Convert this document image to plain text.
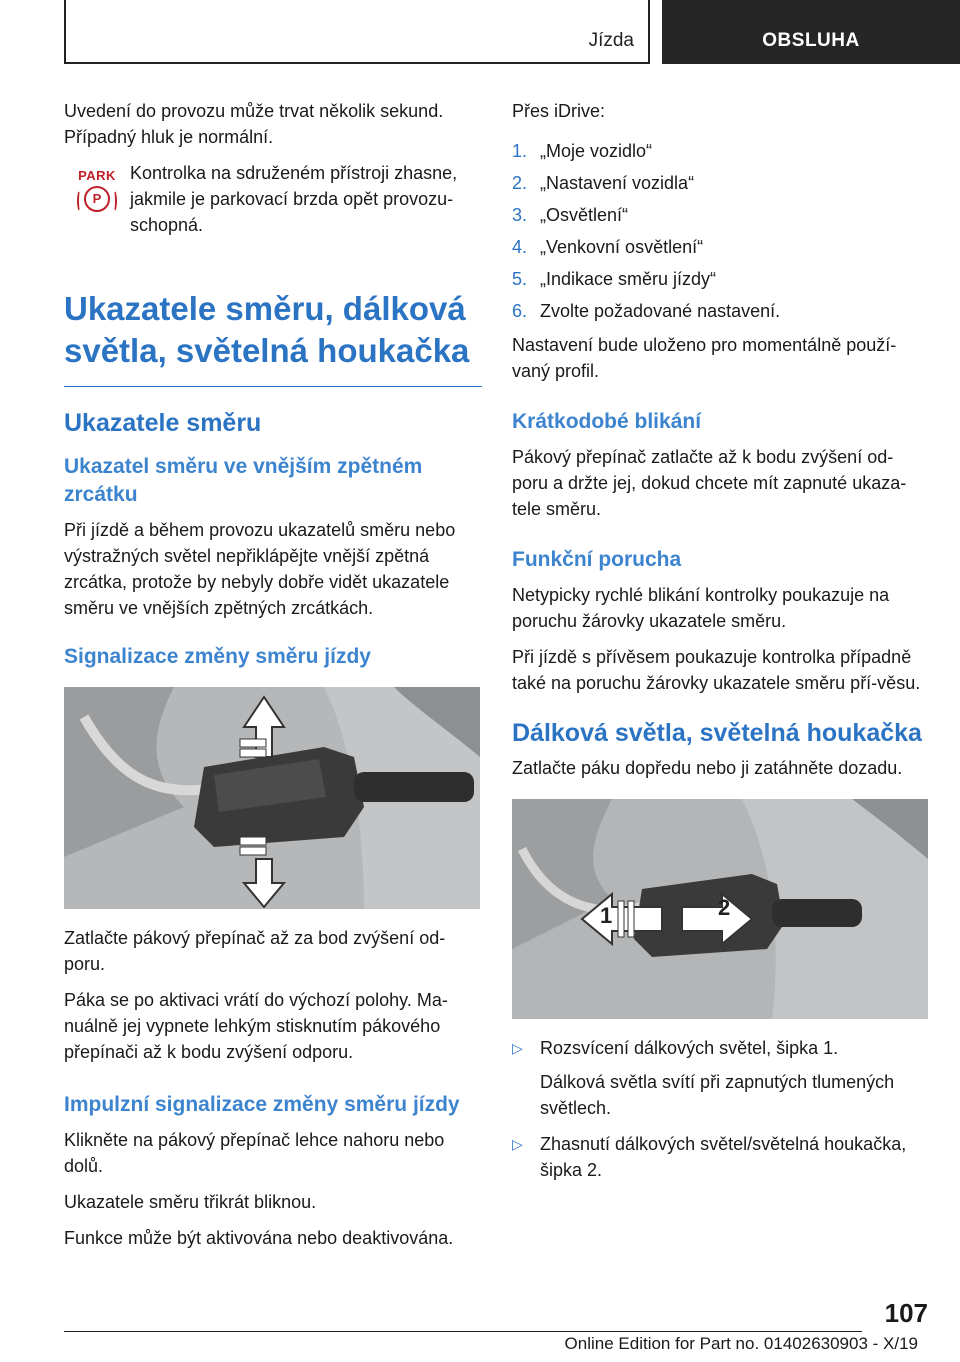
Jízda	OBSLUHA

Uvedení do provozu může trvat několik sekund. Případný hluk je normální.

PARK
P

Kontrolka na sdruženém přístroji zhasne, jakmile je parkovací brzda opět provozu‐schopná.

Ukazatele směru, dálková světla, světelná houkačka
Ukazatele směru
Ukazatel směru ve vnějším zpětném zrcátku

Při jízdě a během provozu ukazatelů směru nebo výstražných světel nepřiklápějte vnější zpětná zrcátka, protože by nebyly dobře vidět ukazatele směru ve vnějších zpětných zrcátkách.

Signalizace změny směru jízdy

Zatlačte pákový přepínač až za bod zvýšení od‐poru.

Páka se po aktivaci vrátí do výchozí polohy. Ma‐nuálně jej vypnete lehkým stisknutím pákového přepínači až k bodu zvýšení odporu.

Impulzní signalizace změny směru jízdy

Klikněte na pákový přepínač lehce nahoru nebo dolů.

Ukazatele směru třikrát bliknou.

Funkce může být aktivována nebo deaktivována.

Přes iDrive:

1. „Moje vozidlo“
2. „Nastavení vozidla“
3. „Osvětlení“
4. „Venkovní osvětlení“
5. „Indikace směru jízdy“
6. Zvolte požadované nastavení.

Nastavení bude uloženo pro momentálně použí‐vaný profil.

Krátkodobé blikání

Pákový přepínač zatlačte až k bodu zvýšení od‐poru a držte jej, dokud chcete mít zapnuté ukaza‐tele směru.

Funkční porucha

Netypicky rychlé blikání kontrolky poukazuje na poruchu žárovky ukazatele směru.

Při jízdě s přívěsem poukazuje kontrolka případně také na poruchu žárovky ukazatele směru pří‐věsu.

Dálková světla, světelná houkačka

Zatlačte páku dopředu nebo ji zatáhněte dozadu.

1	2
▷ Rozsvícení dálkových světel, šipka 1.
Dálková světla svítí při zapnutých tlumených světlech.
▷ Zhasnutí dálkových světel/světelná houkačka, šipka 2.
107
Online Edition for Part no. 01402630903 - X/19
